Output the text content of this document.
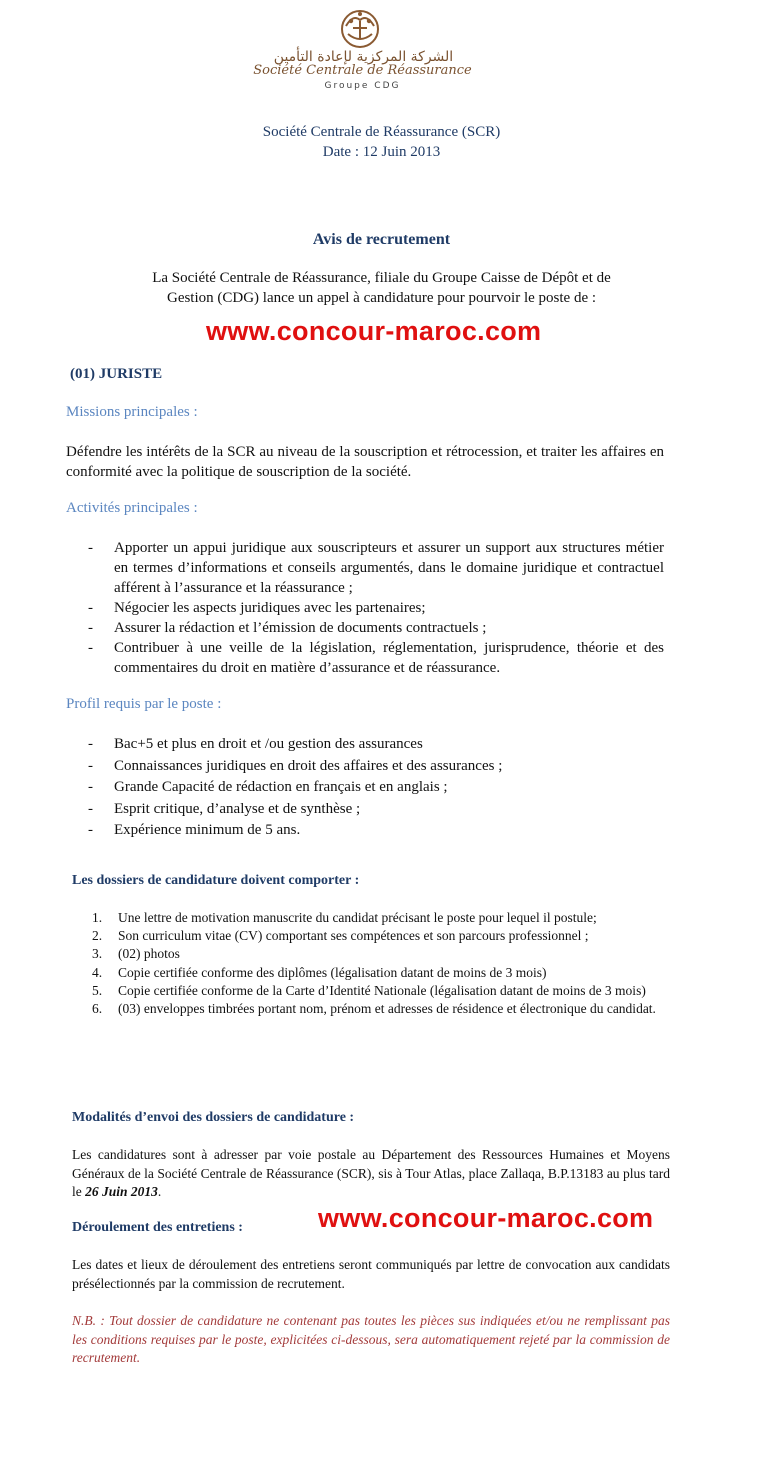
الشركة المركزية لإعادة التأمين
Société Centrale de Réassurance
Groupe CDG
Société Centrale de Réassurance (SCR)
Date : 12 Juin 2013
Avis de recrutement
La Société Centrale de Réassurance, filiale du Groupe Caisse de Dépôt et de
Gestion (CDG) lance un appel à candidature pour pourvoir le poste de :
www.concour-maroc.com
(01) JURISTE
Missions principales :
Défendre les intérêts de la SCR au niveau de la souscription et rétrocession, et traiter les affaires en conformité avec la politique de souscription de la société.
Activités principales :
- Apporter un appui juridique aux souscripteurs et assurer un support aux structures métier en termes d’informations et conseils argumentés, dans le domaine juridique et contractuel afférent à l’assurance et la réassurance ;
- Négocier les aspects juridiques avec les partenaires;
- Assurer la rédaction et l’émission de documents contractuels ;
- Contribuer à une veille de la législation, réglementation, jurisprudence, théorie et des commentaires du droit en matière d’assurance et de réassurance.
Profil requis par le poste :
- Bac+5 et plus en droit et /ou gestion des assurances
- Connaissances juridiques en droit des affaires et des assurances ;
- Grande Capacité de rédaction en français et en anglais ;
- Esprit critique, d’analyse et de synthèse ;
- Expérience minimum de 5 ans.
Les dossiers de candidature doivent comporter :
1. Une lettre de motivation manuscrite du candidat précisant le poste pour lequel il postule;
2. Son curriculum vitae (CV) comportant ses compétences et son parcours professionnel ;
3. (02) photos
4. Copie certifiée conforme des diplômes (légalisation datant de moins de 3 mois)
5. Copie certifiée conforme de la Carte d’Identité Nationale (légalisation datant de moins de 3 mois)
6. (03) enveloppes timbrées portant nom, prénom et adresses de résidence et électronique du candidat.
Modalités d’envoi des dossiers de candidature :
Les candidatures sont à adresser par voie postale au Département des Ressources Humaines et Moyens Généraux de la Société Centrale de Réassurance (SCR), sis à Tour Atlas, place Zallaqa, B.P.13183 au plus tard le 26 Juin 2013.
Déroulement des entretiens :	www.concour-maroc.com
Les dates et lieux de déroulement des entretiens seront communiqués par lettre de convocation aux candidats présélectionnés par la commission de recrutement.
N.B. : Tout dossier de candidature ne contenant pas toutes les pièces sus indiquées et/ou ne remplissant pas les conditions requises par le poste, explicitées ci-dessous, sera automatiquement rejeté par la commission de recrutement.
